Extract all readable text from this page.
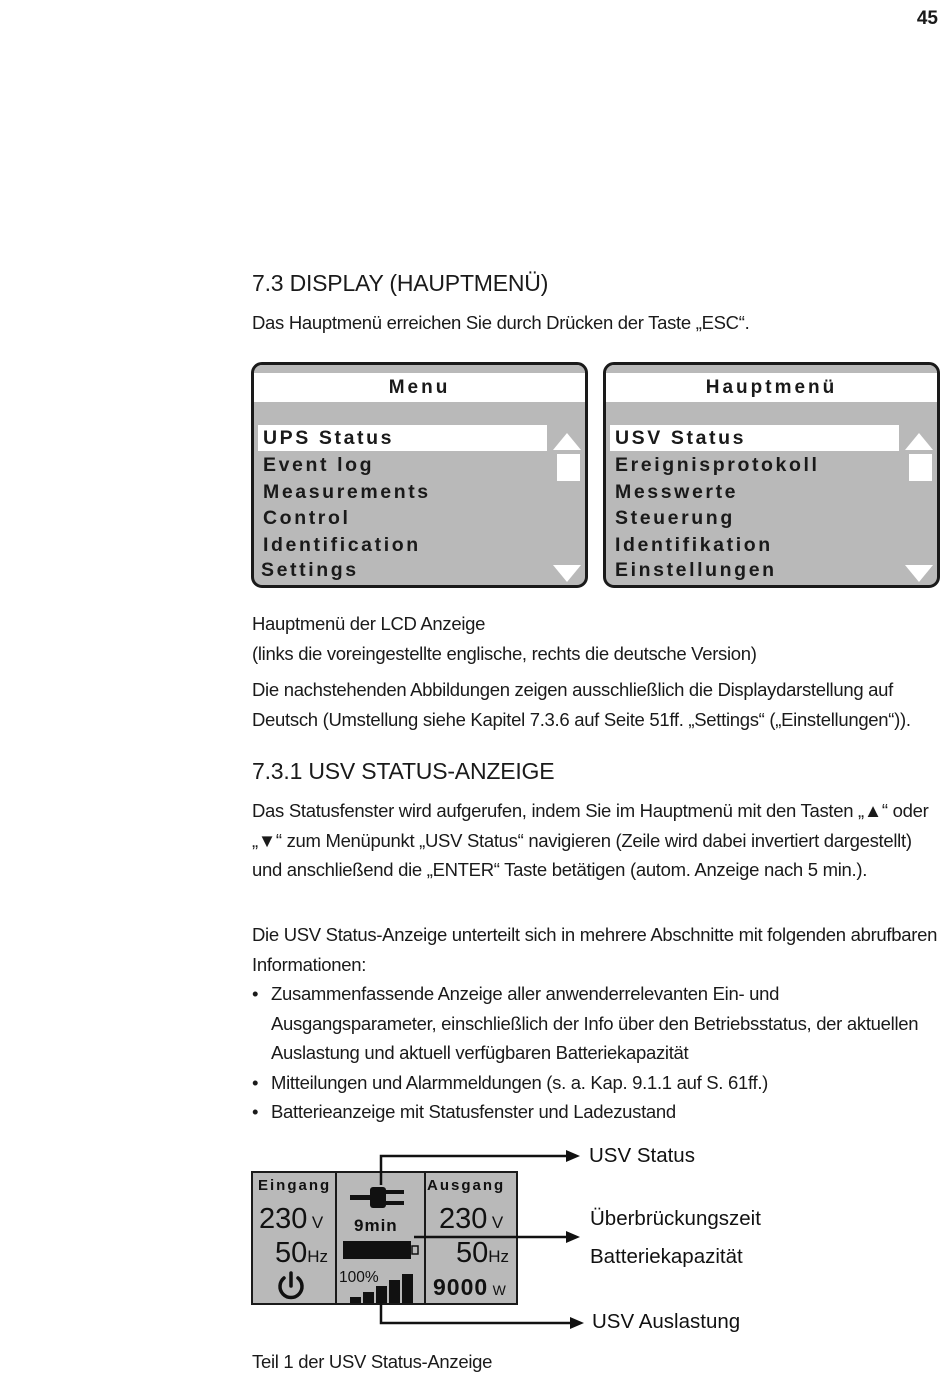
45
7.3 DISPLAY (HAUPTMENÜ)
Das Hauptmenü erreichen Sie durch Drücken der Taste „ESC“.
Menu
UPS Status
Event log
Measurements
Control
Identification
Settings
Hauptmenü
USV Status
Ereignisprotokoll
Messwerte
Steuerung
Identifikation
Einstellungen

Hauptmenü der LCD Anzeige

(links die voreingestellte englische, rechts die deutsche Version)

Die nachstehenden Abbildungen zeigen ausschließlich die Displaydarstellung auf Deutsch (Umstellung siehe Kapitel 7.3.6 auf Seite 51ff. „Settings“ („Einstellungen“)).
7.3.1 USV STATUS-ANZEIGE
Das Statusfenster wird aufgerufen, indem Sie im Hauptmenü mit den Tasten „▲“ oder „▼“ zum Menüpunkt „USV Status“ navigieren (Zeile wird dabei invertiert dargestellt) und anschließend die „ENTER“ Taste betätigen (autom. Anzeige nach 5 min.).
Die USV Status-Anzeige unterteilt sich in mehrere Abschnitte mit folgenden abrufbaren Informationen:
• Zusammenfassende Anzeige aller anwenderrelevanten Ein- und Ausgangsparameter, einschließlich der Info über den Betriebsstatus, der aktuellen Auslastung und aktuell verfügbaren Batteriekapazität
• Mitteilungen und Alarmmeldungen (s. a. Kap. 9.1.1 auf S. 61ff.)
• Batterieanzeige mit Statusfenster und Ladezustand
Eingang	Ausgang
230 V
50Hz
9min
100%
230 V
50Hz
9000 W
USV Status
Überbrückungszeit
Batteriekapazität
USV Auslastung
Teil 1 der USV Status-Anzeige
